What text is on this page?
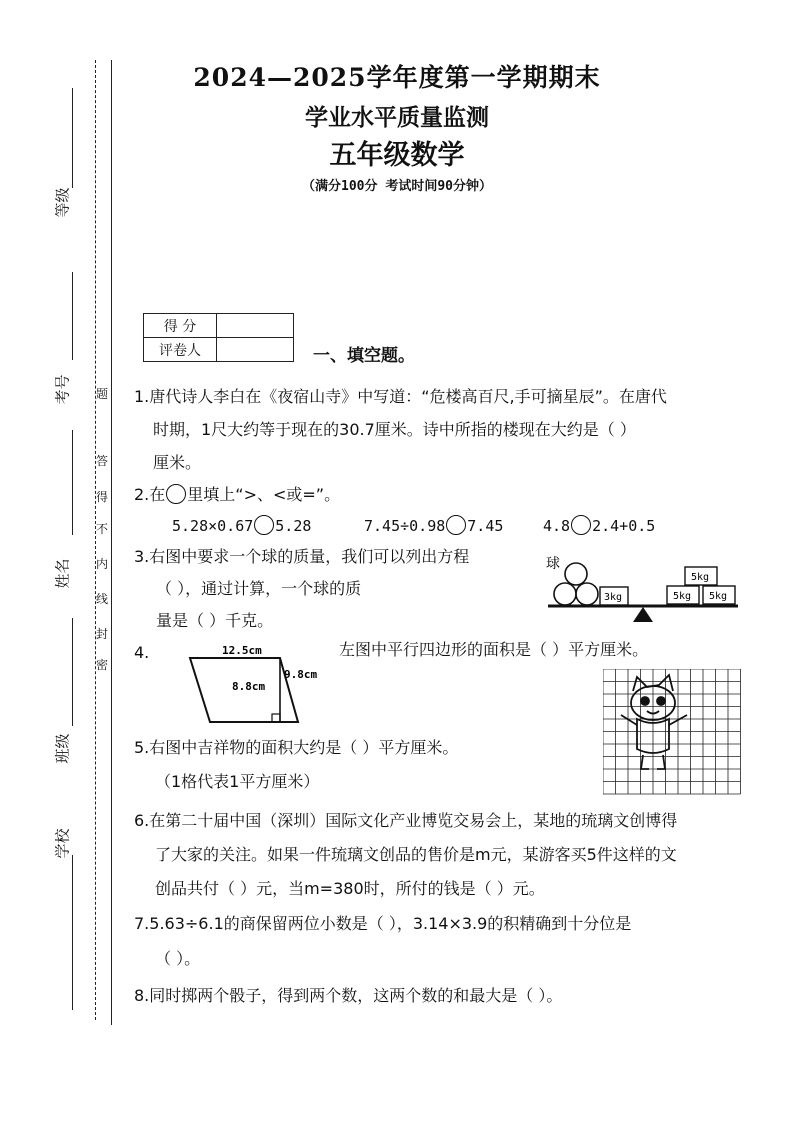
2024—2025学年度第一学期期末
学业水平质量监测
五年级数学
（满分100分 考试时间90分钟）
等级
考号
姓名
班级
学校
密
封
线
内
不
得
答
题
得 分	
评卷人		一、填空题。
1.唐代诗人李白在《夜宿山寺》中写道：“危楼高百尺,手可摘星辰”。在唐代
时期，1尺大约等于现在的30.7厘米。诗中所指的楼现在大约是（ ）
厘米。
2.在 里填上“>、<或=”。
5.28×0.67 5.28	7.45÷0.98 7.45	4.8 2.4+0.5
3.右图中要求一个球的质量，我们可以列出方程
（ ），通过计算，一个球的质
量是（ ）千克。
球
3kg
5kg
5kg 5kg
4.	12.5cm
8.8cm
9.8cm
左图中平行四边形的面积是（ ）平方厘米。
5.右图中吉祥物的面积大约是（ ）平方厘米。
（1格代表1平方厘米）
6.在第二十届中国（深圳）国际文化产业博览交易会上，某地的琉璃文创博得
了大家的关注。如果一件琉璃文创品的售价是m元，某游客买5件这样的文
创品共付（ ）元，当m=380时，所付的钱是（ ）元。
7.5.63÷6.1的商保留两位小数是（ ），3.14×3.9的积精确到十分位是
（ ）。
8.同时掷两个骰子，得到两个数，这两个数的和最大是（ ）。
